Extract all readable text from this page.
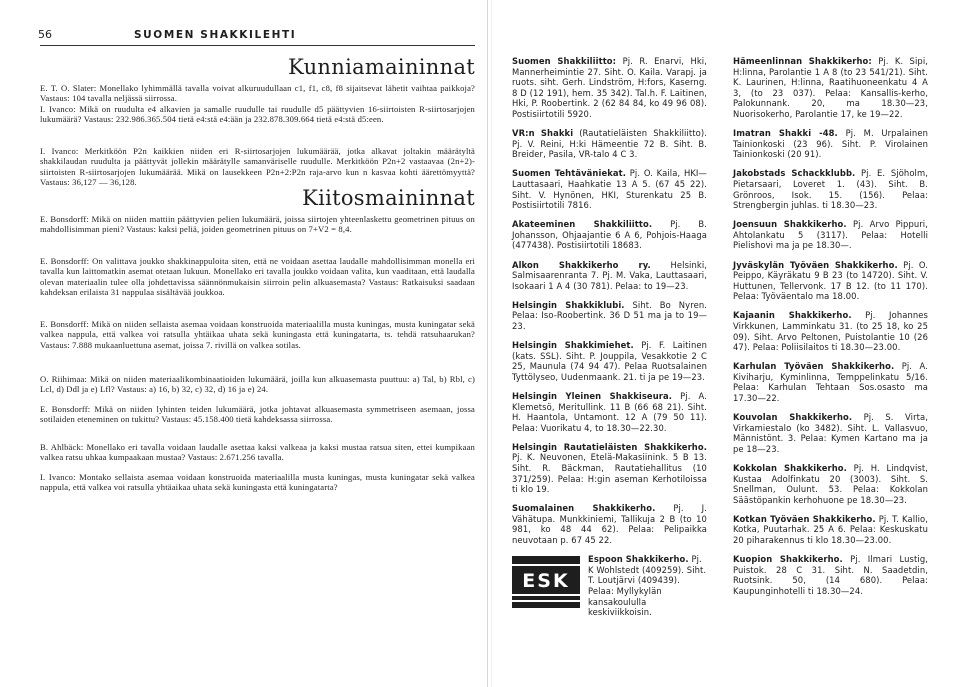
56	SUOMEN SHAKKILEHTI
Kunniamaininnat
E. T. O. Slater: Monellako lyhimmällä tavalla voivat alkuruudullaan c1, f1, c8, f8 sijaitsevat lähetit vaihtaa paikkoja? Vastaus: 104 tavalla neljässä siirrossa.
I. Ivanco: Mikä on ruudulta e4 alkavien ja samalle ruudulle tai ruudulle d5 päättyvien 16-siirtoisten R-siirtosarjojen lukumäärä? Vastaus: 232.986.365.504 tietä e4:stä e4:ään ja 232.878.309.664 tietä e4:stä d5:een.
I. Ivanco: Merkitköön P2n kaikkien niiden eri R-siirtosarjojen lukumäärää, jotka alkavat joltakin määrätyltä shakkilaudan ruudulta ja päättyvät jollekin määrätylle samanväriselle ruudulle. Merkitköön P2n+2 vastaavaa (2n+2)-siirtoisten R-siirtosarjojen lukumäärää. Mikä on lausekkeen P2n+2:P2n raja-arvo kun n kasvaa kohti äärettömyyttä? Vastaus: 36,127 — 36,128.
Kiitosmaininnat
E. Bonsdorff: Mikä on niiden mattiin päättyvien pelien lukumäärä, joissa siirtojen yhteenlaskettu geometrinen pituus on mahdollisimman pieni? Vastaus: kaksi peliä, joiden geometrinen pituus on 7+V2 = 8,4.
E. Bonsdorff: On valittava joukko shakkinappuloita siten, että ne voidaan asettaa laudalle mahdollisimman monella eri tavalla kun laittomatkin asemat otetaan lukuun. Monellako eri tavalla joukko voidaan valita, kun vaaditaan, että laudalla olevan materiaalin tulee olla johdettavissa säännönmukaisin siirroin pelin alkuasemasta? Vastaus: Ratkaisuksi saadaan kahdeksan erilaista 31 nappulaa sisältävää joukkoa.
E. Bonsdorff: Mikä on niiden sellaista asemaa voidaan konstruoida materiaalilla musta kuningas, musta kuningatar sekä valkea nappula, että valkea voi ratsulla yhtäikaa uhata sekä kuningasta että kuningatarta, ts. tehdä ratsuhaarukan? Vastaus: 7.888 mukaanluettuna asemat, joissa 7. rivillä on valkea sotilas.
O. Riihimaa: Mikä on niiden materiaalikombinaatioiden lukumäärä, joilla kun alkuasemasta puuttuu: a) Tal, b) Rbl, c) Lcl, d) Ddl ja e) Lfl? Vastaus: a) 16, b) 32, c) 32, d) 16 ja e) 24.
E. Bonsdorff: Mikä on niiden lyhinten teiden lukumäärä, jotka johtavat alkuasemasta symmetriseen asemaan, jossa sotilaiden eteneminen on tukittu? Vastaus: 45.158.400 tietä kahdeksassa siirrossa.
B. Ahlbäck: Monellako eri tavalla voidaan laudalle asettaa kaksi valkeaa ja kaksi mustaa ratsua siten, ettei kumpikaan valkea ratsu uhkaa kumpaakaan mustaa? Vastaus: 2.671.256 tavalla.
I. Ivanco: Montako sellaista asemaa voidaan konstruoida materiaalilla musta kuningas, musta kuningatar sekä valkea nappula, että valkea voi ratsulla yhtäaikaa uhata sekä kuningasta että kuningatarta?
Suomen Shakkiliitto: Pj. R. Enarvi, Hki, Mannerheimintie 27. Siht. O. Kaila. Varapj. ja ruots. siht. Gerh. Lindström, H:fors, Kaserng. 8 D (12 191), hem. 35 342). Tal.h. F. Laitinen, Hki, P. Roobertink. 2 (62 84 84, ko 49 96 08). Postisiirtotili 5920.
VR:n Shakki (Rautatieläisten Shakkiliitto). Pj. V. Reini, H:ki Hämeentie 72 B. Siht. B. Breider, Pasila, VR-talo 4 C 3.
Suomen Tehtäväniekat. Pj. O. Kaila, HKI—Lauttasaari, Haahkatie 13 A 5. (67 45 22). Siht. V. Hynönen, HKI, Sturenkatu 25 B. Postisiirtotili 7816.
Akateeminen Shakkiliitto. Pj. B. Johansson, Ohjaajantie 6 A 6, Pohjois-Haaga (477438). Postisiirtotili 18683.
Alkon Shakkikerho ry. Helsinki, Salmisaarenranta 7. Pj. M. Vaka, Lauttasaari, Isokaari 1 A 4 (30 781). Pelaa: to 19—23.
Helsingin Shakkiklubi. Siht. Bo Nyren. Pelaa: Iso-Roobertink. 36 D 51 ma ja to 19—23.
Helsingin Shakkimiehet. Pj. F. Laitinen (kats. SSL). Siht. P. Jouppila, Vesakkotie 2 C 25, Maunula (74 94 47). Pelaa Ruotsalainen Tyttölyseo, Uudenmaank. 21. ti ja pe 19—23.
Helsingin Yleinen Shakkiseura. Pj. A. Klemetsö, Meritullink. 11 B (66 68 21). Siht. H. Haantola, Untamont. 12 A (79 50 11). Pelaa: Vuorikatu 4, to 18.30—22.30.
Helsingin Rautatieläisten Shakkikerho. Pj. K. Neuvonen, Etelä-Makasiinink. 5 B 13. Siht. R. Bäckman, Rautatiehallitus (10 371/259). Pelaa: H:gin aseman Kerhotiloissa ti klo 19.
Suomalainen Shakkikerho. Pj. J. Vähätupa. Munkkiniemi, Tallikuja 2 B (to 10 981, ko 48 44 62). Pelaa: Pelipaikka neuvotaan p. 67 45 22.
ESK
Espoon Shakkikerho. Pj. K Wohlstedt (409259). Siht. T. Loutjärvi (409439). Pelaa: Myllykylän kansakoululla keskiviikkoisin.
Hämeenlinnan Shakkikerho: Pj. K. Sipi, H:linna, Parolantie 1 A 8 (to 23 541/21). Siht. K. Laurinen, H:linna, Raatihuoneenkatu 4 A 3, (to 23 037). Pelaa: Kansallis-kerho, Palokunnank. 20, ma 18.30—23, Nuorisokerho, Parolantie 17, ke 19—22.
Imatran Shakki -48. Pj. M. Urpalainen Tainionkoski (23 96). Siht. P. Virolainen Tainionkoski (20 91).
Jakobstads Schackklubb. Pj. E. Sjöholm, Pietarsaari, Loveret 1. (43). Siht. B. Grönroos, Isok. 15. (156). Pelaa: Strengbergin juhlas. ti 18.30—23.
Joensuun Shakkikerho. Pj. Arvo Pippuri, Ahtolankatu 5 (3117). Pelaa: Hotelli Pielishovi ma ja pe 18.30—.
Jyväskylän Työväen Shakkikerho. Pj. O. Peippo, Käyräkatu 9 B 23 (to 14720). Siht. V. Huttunen, Tellervonk. 17 B 12. (to 11 170). Pelaa: Työväentalo ma 18.00.
Kajaanin Shakkikerho. Pj. Johannes Virkkunen, Lamminkatu 31. (to 25 18, ko 25 09). Siht. Arvo Peltonen, Puistolantie 10 (26 47). Pelaa: Poliisilaitos ti 18.30—23.00.
Karhulan Työväen Shakkikerho. Pj. A. Kiviharju, Kyminlinna, Temppelinkatu 5/16. Pelaa: Karhulan Tehtaan Sos.osasto ma 17.30—22.
Kouvolan Shakkikerho. Pj. S. Virta, Virkamiestalo (ko 3482). Siht. L. Vallasvuo, Männistönt. 3. Pelaa: Kymen Kartano ma ja pe 18—23.
Kokkolan Shakkikerho. Pj. H. Lindqvist, Kustaa Adolfinkatu 20 (3003). Siht. S. Snellman, Oulunt. 53. Pelaa: Kokkolan Säästöpankin kerhohuone pe 18.30—23.
Kotkan Työväen Shakkikerho. Pj. T. Kallio, Kotka, Puutarhak. 25 A 6. Pelaa: Keskuskatu 20 piharakennus ti klo 18.30—23.00.
Kuopion Shakkikerho. Pj. Ilmari Lustig, Puistok. 28 C 31. Siht. N. Saadetdin, Ruotsink. 50, (14 680). Pelaa: Kaupunginhotelli ti 18.30—24.
